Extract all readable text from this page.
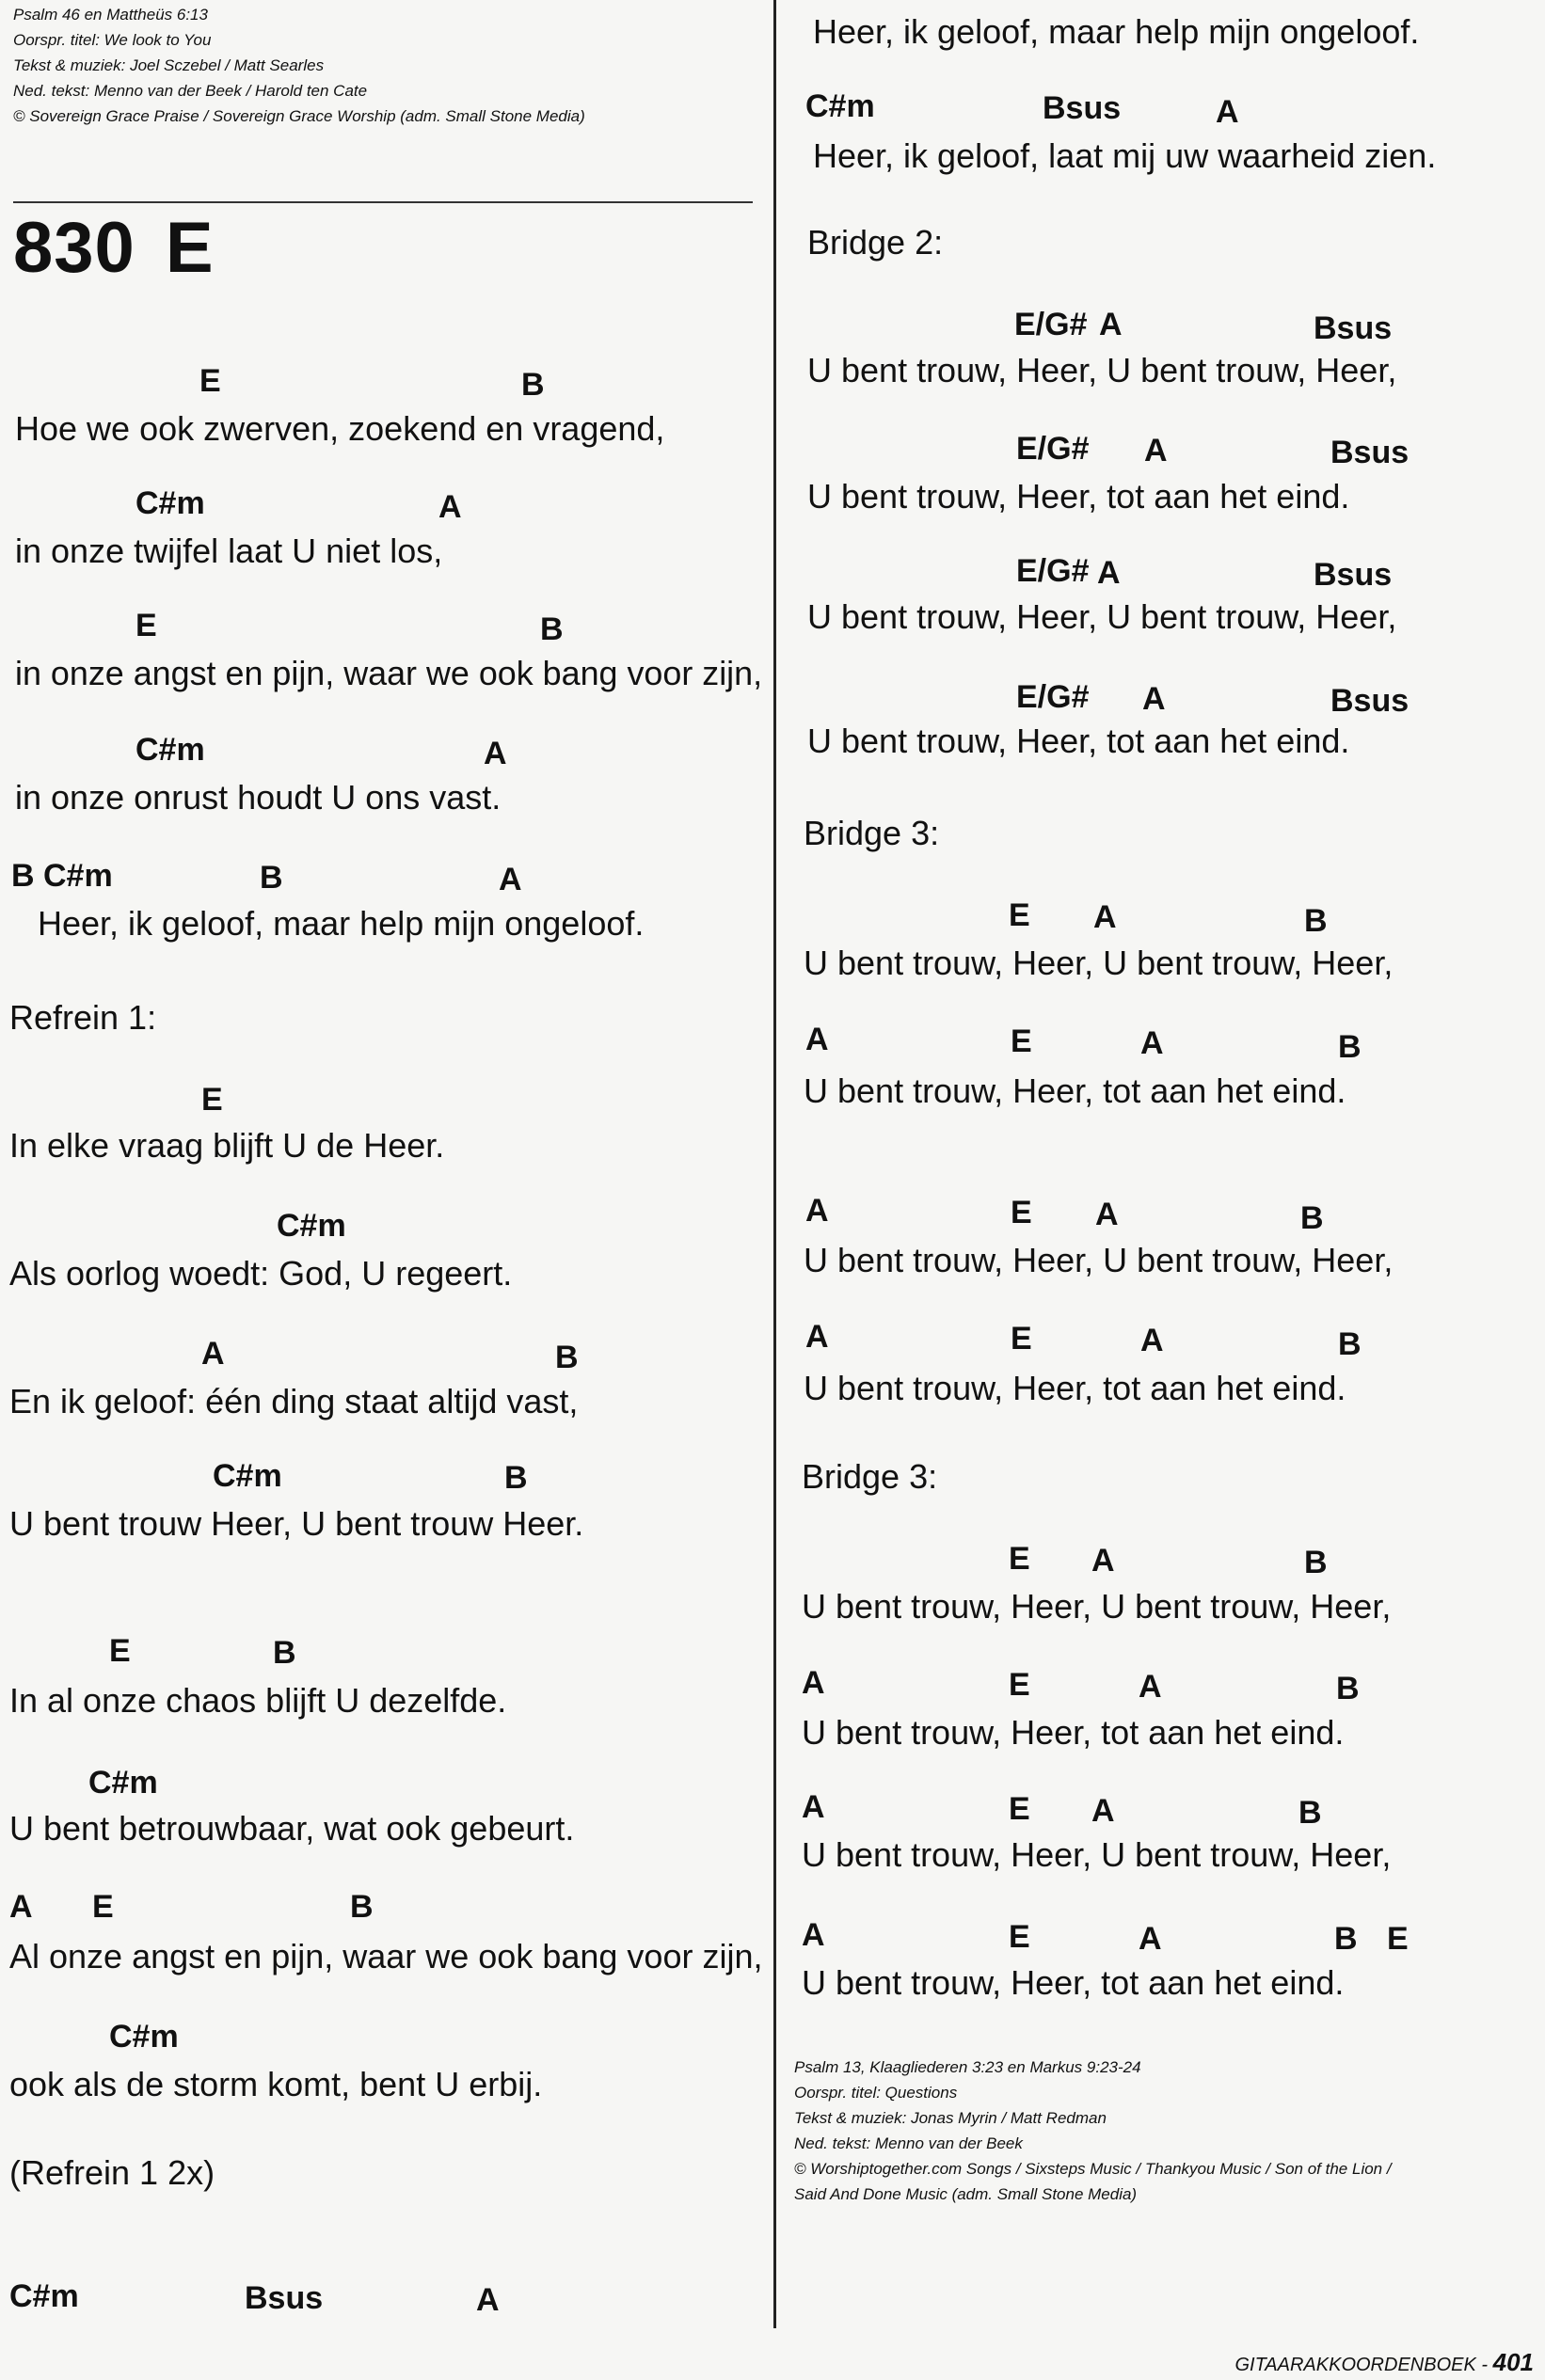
Psalm 46 en Mattheüs 6:13
Oorspr. titel: We look to You
Tekst & muziek: Joel Sczebel / Matt Searles
Ned. tekst: Menno van der Beek / Harold ten Cate
© Sovereign Grace Praise / Sovereign Grace Worship (adm. Small Stone Media)
830 E
E	B
Hoe we ook zwerven, zoekend en vragend,
C#m	A
in onze twijfel laat U niet los,
E	B
in onze angst en pijn, waar we ook bang voor zijn,
C#m	A
in onze onrust houdt U ons vast.
B C#m	B	A
Heer, ik geloof, maar help mijn ongeloof.
Refrein 1:
E
In elke vraag blijft U de Heer.
C#m
Als oorlog woedt: God, U regeert.
A	B
En ik geloof: één ding staat altijd vast,
C#m	B
U bent trouw Heer, U bent trouw Heer.
E	B
In al onze chaos blijft U dezelfde.
C#m
U bent betrouwbaar, wat ook gebeurt.
A E	B
Al onze angst en pijn, waar we ook bang voor zijn,
C#m
ook als de storm komt, bent U erbij.
(Refrein 1 2x)
C#m	Bsus	A
Heer, ik geloof, maar help mijn ongeloof.
C#m	Bsus	A
Heer, ik geloof, laat mij uw waarheid zien.
Bridge 2:
E/G# A	Bsus
U bent trouw, Heer, U bent trouw, Heer,
E/G# A	Bsus
U bent trouw, Heer, tot aan het eind.
E/G# A	Bsus
U bent trouw, Heer, U bent trouw, Heer,
E/G# A	Bsus
U bent trouw, Heer, tot aan het eind.
Bridge 3:
E A	B
U bent trouw, Heer, U bent trouw, Heer,
A	E	A	B
U bent trouw, Heer, tot aan het eind.
A	E A	B
U bent trouw, Heer, U bent trouw, Heer,
A	E	A	B
U bent trouw, Heer, tot aan het eind.
Bridge 3:
E A	B
U bent trouw, Heer, U bent trouw, Heer,
A	E	A	B
U bent trouw, Heer, tot aan het eind.
A	E A	B
U bent trouw, Heer, U bent trouw, Heer,
A	E	A	B E
U bent trouw, Heer, tot aan het eind.
Psalm 13, Klaagliederen 3:23 en Markus 9:23-24
Oorspr. titel: Questions
Tekst & muziek: Jonas Myrin / Matt Redman
Ned. tekst: Menno van der Beek
© Worshiptogether.com Songs / Sixsteps Music / Thankyou Music / Son of the Lion /
Said And Done Music (adm. Small Stone Media)
GITAARAKKOORDENBOEK - 401
